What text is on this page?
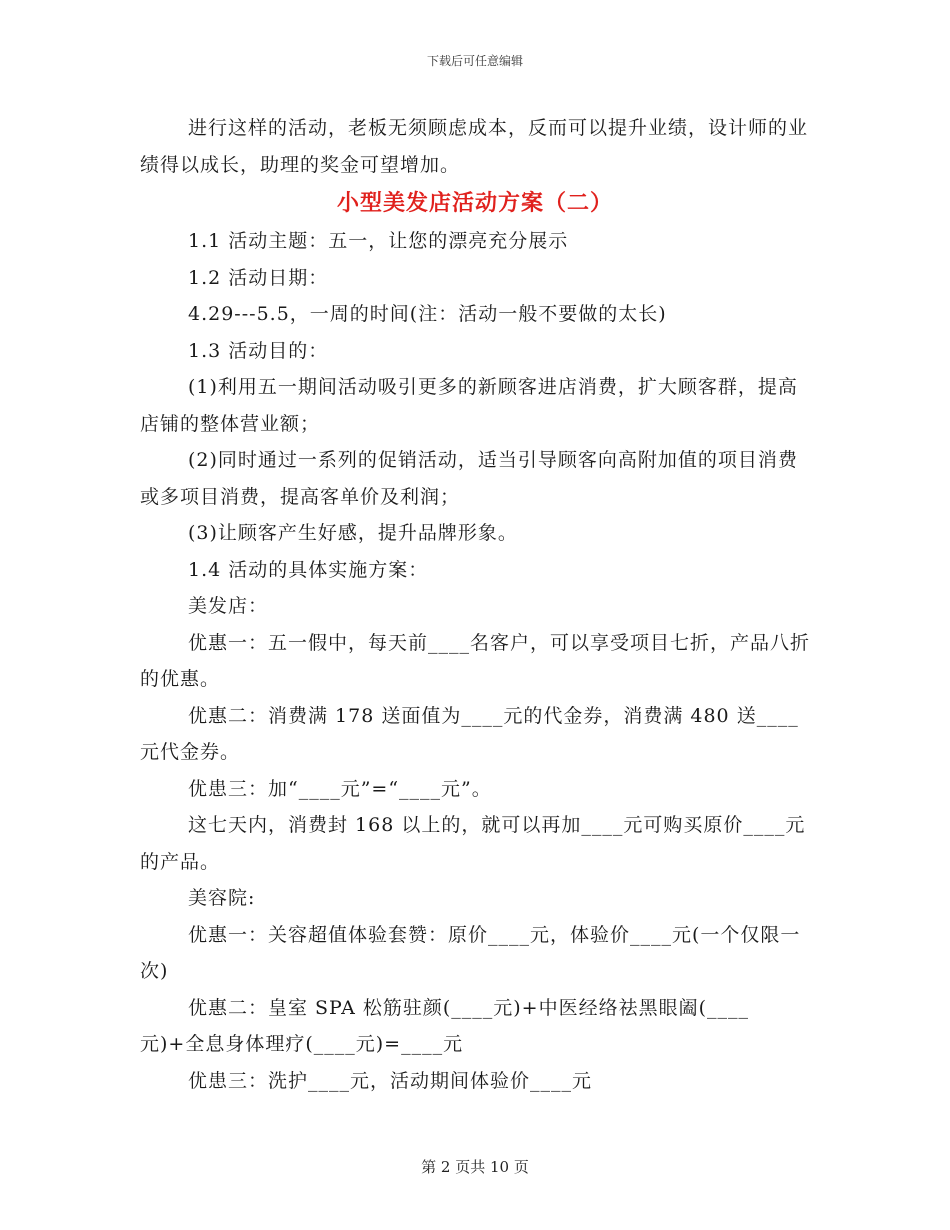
下载后可任意编辑

进行这样的活动，老板无须顾虑成本，反而可以提升业绩，设计师的业绩得以成长，助理的奖金可望增加。

小型美发店活动方案（二）

1.1 活动主题：五一，让您的漂亮充分展示

1.2 活动日期：

4.29---5.5，一周的时间(注：活动一般不要做的太长)

1.3 活动目的：

(1)利用五一期间活动吸引更多的新顾客进店消费，扩大顾客群，提高店铺的整体营业额；

(2)同时通过一系列的促销活动，适当引导顾客向高附加值的项目消费或多项目消费，提高客单价及利润；

(3)让顾客产生好感，提升品牌形象。

1.4 活动的具体实施方案：

美发店：

优惠一：五一假中，每天前____名客户，可以享受项目七折，产品八折的优惠。

优惠二：消费满 178 送面值为____元的代金券，消费满 480 送____元代金券。

优患三：加“____元”=“____元”。

这七天内，消费封 168 以上的，就可以再加____元可购买原价____元的产品。

美容院:

优惠一：关容超值体验套赞：原价____元，体验价____元(一个仅限一次)

优惠二：皇室 SPA 松筋驻颜(____元)+中医经络祛黑眼阖(____元)+全息身体理疗(____元)=____元

优患三：洗护____元，活动期间体验价____元

第 2 页共 10 页
